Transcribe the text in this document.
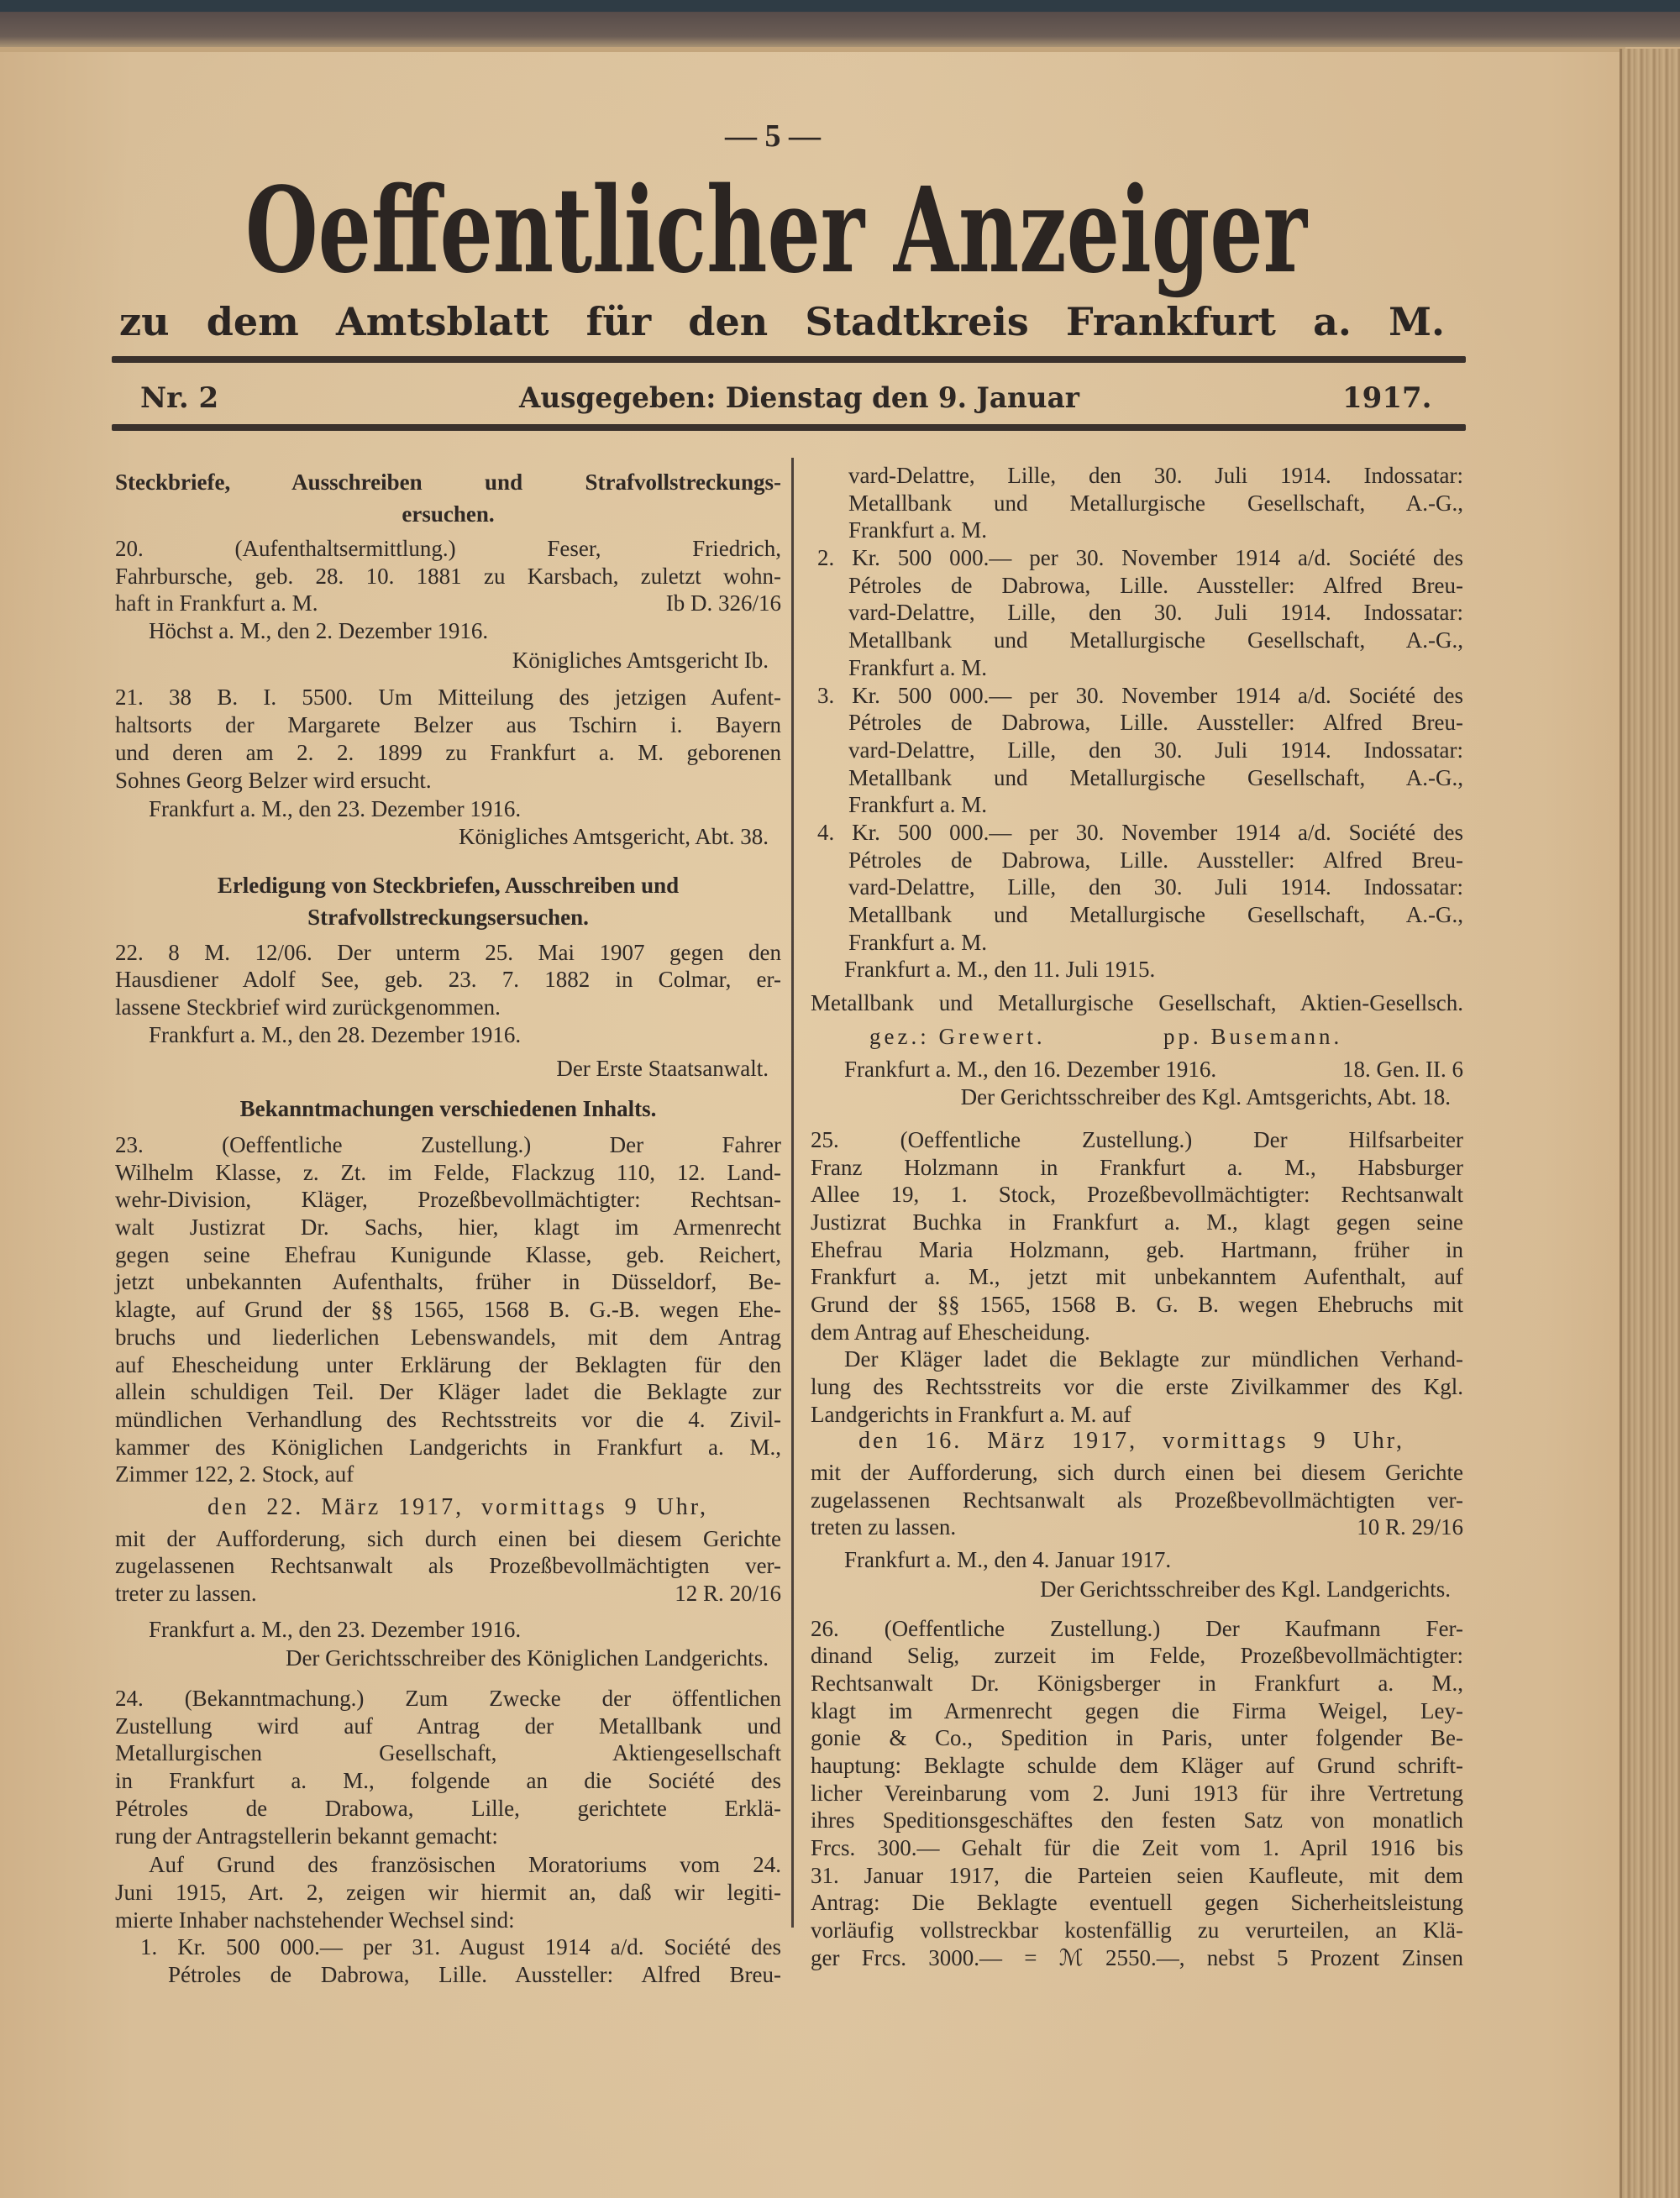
— 5 —
Oeffentlicher Anzeiger
zu dem Amtsblatt für den Stadtkreis Frankfurt a. M.
Nr. 2	Ausgegeben: Dienstag den 9. Januar	1917.
Steckbriefe, Ausschreiben und Strafvollstreckungs-
ersuchen.
20. (Aufenthaltsermittlung.) Feser, Friedrich,
Fahrbursche, geb. 28. 10. 1881 zu Karsbach, zuletzt wohn-
haft in Frankfurt a. M.	Ib D. 326/16
Höchst a. M., den 2. Dezember 1916.
Königliches Amtsgericht Ib.
21. 38 B. I. 5500. Um Mitteilung des jetzigen Aufent-
haltsorts der Margarete Belzer aus Tschirn i. Bayern
und deren am 2. 2. 1899 zu Frankfurt a. M. geborenen
Sohnes Georg Belzer wird ersucht.
Frankfurt a. M., den 23. Dezember 1916.
Königliches Amtsgericht, Abt. 38.
Erledigung von Steckbriefen, Ausschreiben und
Strafvollstreckungsersuchen.
22. 8 M. 12/06. Der unterm 25. Mai 1907 gegen den
Hausdiener Adolf See, geb. 23. 7. 1882 in Colmar, er-
lassene Steckbrief wird zurückgenommen.
Frankfurt a. M., den 28. Dezember 1916.
Der Erste Staatsanwalt.
Bekanntmachungen verschiedenen Inhalts.
23. (Oeffentliche Zustellung.) Der Fahrer
Wilhelm Klasse, z. Zt. im Felde, Flackzug 110, 12. Land-
wehr-Division, Kläger, Prozeßbevollmächtigter: Rechtsan-
walt Justizrat Dr. Sachs, hier, klagt im Armenrecht
gegen seine Ehefrau Kunigunde Klasse, geb. Reichert,
jetzt unbekannten Aufenthalts, früher in Düsseldorf, Be-
klagte, auf Grund der §§ 1565, 1568 B. G.-B. wegen Ehe-
bruchs und liederlichen Lebenswandels, mit dem Antrag
auf Ehescheidung unter Erklärung der Beklagten für den
allein schuldigen Teil. Der Kläger ladet die Beklagte zur
mündlichen Verhandlung des Rechtsstreits vor die 4. Zivil-
kammer des Königlichen Landgerichts in Frankfurt a. M.,
Zimmer 122, 2. Stock, auf
den 22. März 1917, vormittags 9 Uhr,
mit der Aufforderung, sich durch einen bei diesem Gerichte
zugelassenen Rechtsanwalt als Prozeßbevollmächtigten ver-
treter zu lassen.	12 R. 20/16
Frankfurt a. M., den 23. Dezember 1916.
Der Gerichtsschreiber des Königlichen Landgerichts.
24. (Bekanntmachung.) Zum Zwecke der öffentlichen
Zustellung wird auf Antrag der Metallbank und
Metallurgischen Gesellschaft, Aktiengesellschaft
in Frankfurt a. M., folgende an die Société des
Pétroles de Drabowa, Lille, gerichtete Erklä-
rung der Antragstellerin bekannt gemacht:
Auf Grund des französischen Moratoriums vom 24.
Juni 1915, Art. 2, zeigen wir hiermit an, daß wir legiti-
mierte Inhaber nachstehender Wechsel sind:
1. Kr. 500 000.— per 31. August 1914 a/d. Société des
Pétroles de Dabrowa, Lille. Aussteller: Alfred Breu-
vard-Delattre, Lille, den 30. Juli 1914. Indossatar:
Metallbank und Metallurgische Gesellschaft, A.-G.,
Frankfurt a. M.
2. Kr. 500 000.— per 30. November 1914 a/d. Société des
Pétroles de Dabrowa, Lille. Aussteller: Alfred Breu-
vard-Delattre, Lille, den 30. Juli 1914. Indossatar:
Metallbank und Metallurgische Gesellschaft, A.-G.,
Frankfurt a. M.
3. Kr. 500 000.— per 30. November 1914 a/d. Société des
Pétroles de Dabrowa, Lille. Aussteller: Alfred Breu-
vard-Delattre, Lille, den 30. Juli 1914. Indossatar:
Metallbank und Metallurgische Gesellschaft, A.-G.,
Frankfurt a. M.
4. Kr. 500 000.— per 30. November 1914 a/d. Société des
Pétroles de Dabrowa, Lille. Aussteller: Alfred Breu-
vard-Delattre, Lille, den 30. Juli 1914. Indossatar:
Metallbank und Metallurgische Gesellschaft, A.-G.,
Frankfurt a. M.
Frankfurt a. M., den 11. Juli 1915.
Metallbank und Metallurgische Gesellschaft, Aktien-Gesellsch.
gez.: Grewert.	pp. Busemann.
Frankfurt a. M., den 16. Dezember 1916.	18. Gen. II. 6
Der Gerichtsschreiber des Kgl. Amtsgerichts, Abt. 18.
25. (Oeffentliche Zustellung.) Der Hilfsarbeiter
Franz Holzmann in Frankfurt a. M., Habsburger
Allee 19, 1. Stock, Prozeßbevollmächtigter: Rechtsanwalt
Justizrat Buchka in Frankfurt a. M., klagt gegen seine
Ehefrau Maria Holzmann, geb. Hartmann, früher in
Frankfurt a. M., jetzt mit unbekanntem Aufenthalt, auf
Grund der §§ 1565, 1568 B. G. B. wegen Ehebruchs mit
dem Antrag auf Ehescheidung.
Der Kläger ladet die Beklagte zur mündlichen Verhand-
lung des Rechtsstreits vor die erste Zivilkammer des Kgl.
Landgerichts in Frankfurt a. M. auf
den 16. März 1917, vormittags 9 Uhr,
mit der Aufforderung, sich durch einen bei diesem Gerichte
zugelassenen Rechtsanwalt als Prozeßbevollmächtigten ver-
treten zu lassen.	10 R. 29/16
Frankfurt a. M., den 4. Januar 1917.
Der Gerichtsschreiber des Kgl. Landgerichts.
26. (Oeffentliche Zustellung.) Der Kaufmann Fer-
dinand Selig, zurzeit im Felde, Prozeßbevollmächtigter:
Rechtsanwalt Dr. Königsberger in Frankfurt a. M.,
klagt im Armenrecht gegen die Firma Weigel, Ley-
gonie & Co., Spedition in Paris, unter folgender Be-
hauptung: Beklagte schulde dem Kläger auf Grund schrift-
licher Vereinbarung vom 2. Juni 1913 für ihre Vertretung
ihres Speditionsgeschäftes den festen Satz von monatlich
Frcs. 300.— Gehalt für die Zeit vom 1. April 1916 bis
31. Januar 1917, die Parteien seien Kaufleute, mit dem
Antrag: Die Beklagte eventuell gegen Sicherheitsleistung
vorläufig vollstreckbar kostenfällig zu verurteilen, an Klä-
ger Frcs. 3000.— = ℳ 2550.—, nebst 5 Prozent Zinsen
